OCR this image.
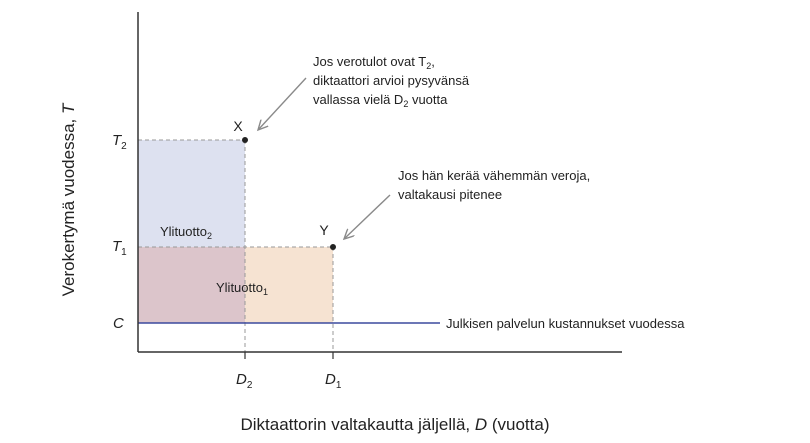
X
Y
$T_2$
$T_1$
C
$D_2$	$D_1$
Ylituotto$_2$
Ylituotto$_1$
Jos verotulot ovat $T_2$,
diktaattori arvioi pysyvänsä
vallassa vielä $D_2$ vuotta
Jos hän kerää vähemmän veroja,
valtakausi pitenee
Julkisen palvelun kustannukset vuodessa
Verokertymä vuodessa, T
Diktaattorin valtakautta jäljellä, D (vuotta)
